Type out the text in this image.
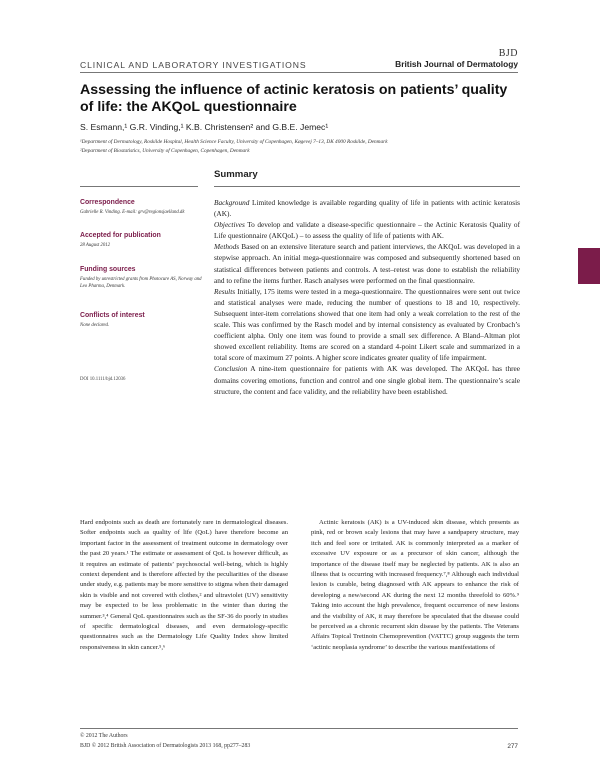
BJD
CLINICAL AND LABORATORY INVESTIGATIONS	British Journal of Dermatology
Assessing the influence of actinic keratosis on patients’ quality of life: the AKQoL questionnaire
S. Esmann,¹ G.R. Vinding,¹ K.B. Christensen² and G.B.E. Jemec¹
¹Department of Dermatology, Roskilde Hospital, Health Science Faculty, University of Copenhagen, Køgevej 7–13, DK 4000 Roskilde, Denmark
²Department of Biostatistics, University of Copenhagen, Copenhagen, Denmark
Summary
Correspondence
Gabrielle R. Vinding. E-mail: grv@regionsjaelland.dk
Accepted for publication
28 August 2012
Funding sources
Funded by unrestricted grants from Photocure AS, Norway and Leo Pharma, Denmark.
Conflicts of interest
None declared.
DOI 10.1111/bjd.12036

Background Limited knowledge is available regarding quality of life in patients with actinic keratosis (AK).

Objectives To develop and validate a disease-specific questionnaire – the Actinic Keratosis Quality of Life questionnaire (AKQoL) – to assess the quality of life of patients with AK.

Methods Based on an extensive literature search and patient interviews, the AKQoL was developed in a stepwise approach. An initial mega-questionnaire was composed and subsequently shortened based on statistical differences between patients and controls. A test–retest was done to establish the reliability and to refine the items further. Rasch analyses were performed on the final questionnaire.

Results Initially, 175 items were tested in a mega-questionnaire. The questionnaires were sent out twice and statistical analyses were made, reducing the number of questions to 18 and 10, respectively. Subsequent inter-item correlations showed that one item had only a weak correlation to the rest of the scale. This was confirmed by the Rasch model and by internal consistency as evaluated by Cronbach’s coefficient alpha. Only one item was found to provide a small sex difference. A Bland–Altman plot showed excellent reliability. Items are scored on a standard 4-point Likert scale and summarized in a total score of maximum 27 points. A higher score indicates greater quality of life impairment.

Conclusion A nine-item questionnaire for patients with AK was developed. The AKQoL has three domains covering emotions, function and control and one single global item. The questionnaire’s scale structure, the content and face validity, and the reliability have been established.

Hard endpoints such as death are fortunately rare in dermatological diseases. Softer endpoints such as quality of life (QoL) have therefore become an important factor in the assessment of treatment outcome in dermatology over the past 20 years.¹ The estimate or assessment of QoL is however difficult, as it requires an estimate of patients’ psychosocial well-being, which is highly context dependent and is therefore affected by the peculiarities of the disease under study, e.g. patients may be more sensitive to stigma when their damaged skin is visible and not covered with clothes,² and ultraviolet (UV) sensitivity may be expected to be less problematic in the winter than during the summer.³,⁴ General QoL questionnaires such as the SF-36 do poorly in studies of specific dermatological diseases, and even dermatology-specific questionnaires such as the Dermatology Life Quality Index show limited responsiveness in skin cancer.⁵,⁶
Actinic keratosis (AK) is a UV-induced skin disease, which presents as pink, red or brown scaly lesions that may have a sandpapery structure, may itch and feel sore or irritated. AK is commonly interpreted as a marker of excessive UV exposure or as a precursor of skin cancer, although the importance of the disease itself may be neglected by patients. AK is also an illness that is occurring with increased frequency.⁷,⁸ Although each individual lesion is curable, being diagnosed with AK appears to enhance the risk of developing a new/second AK during the next 12 months threefold to 60%.⁹ Taking into account the high prevalence, frequent occurrence of new lesions and the visibility of AK, it may therefore be speculated that the disease could be perceived as a chronic recurrent skin disease by the patients. The Veterans Affairs Topical Tretinoin Chemoprevention (VATTC) group suggests the term ‘actinic neoplasia syndrome’ to describe the various manifestations of
© 2012 The Authors
BJD © 2012 British Association of Dermatologists 2013 168, pp277–283	277
